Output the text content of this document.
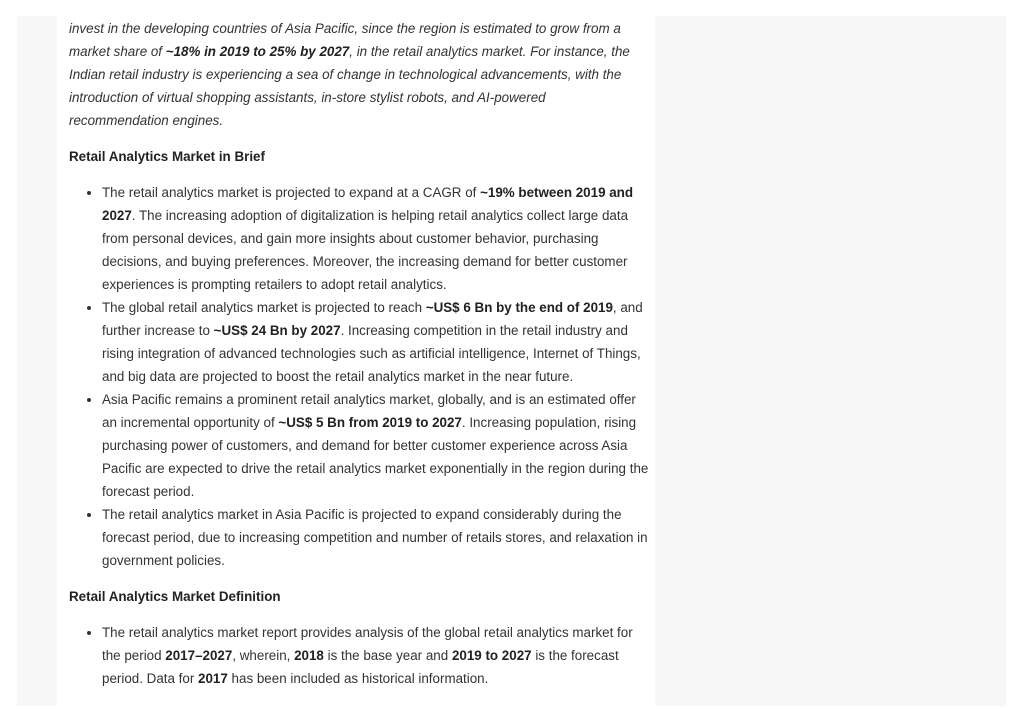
invest in the developing countries of Asia Pacific, since the region is estimated to grow from a market share of ~18% in 2019 to 25% by 2027, in the retail analytics market. For instance, the Indian retail industry is experiencing a sea of change in technological advancements, with the introduction of virtual shopping assistants, in-store stylist robots, and AI-powered recommendation engines.

Retail Analytics Market in Brief
• The retail analytics market is projected to expand at a CAGR of ~19% between 2019 and 2027. The increasing adoption of digitalization is helping retail analytics collect large data from personal devices, and gain more insights about customer behavior, purchasing decisions, and buying preferences. Moreover, the increasing demand for better customer experiences is prompting retailers to adopt retail analytics.
• The global retail analytics market is projected to reach ~US$ 6 Bn by the end of 2019, and further increase to ~US$ 24 Bn by 2027. Increasing competition in the retail industry and rising integration of advanced technologies such as artificial intelligence, Internet of Things, and big data are projected to boost the retail analytics market in the near future.
• Asia Pacific remains a prominent retail analytics market, globally, and is an estimated offer an incremental opportunity of ~US$ 5 Bn from 2019 to 2027. Increasing population, rising purchasing power of customers, and demand for better customer experience across Asia Pacific are expected to drive the retail analytics market exponentially in the region during the forecast period.
• The retail analytics market in Asia Pacific is projected to expand considerably during the forecast period, due to increasing competition and number of retails stores, and relaxation in government policies.
Retail Analytics Market Definition
• The retail analytics market report provides analysis of the global retail analytics market for the period 2017–2027, wherein, 2018 is the base year and 2019 to 2027 is the forecast period. Data for 2017 has been included as historical information.
